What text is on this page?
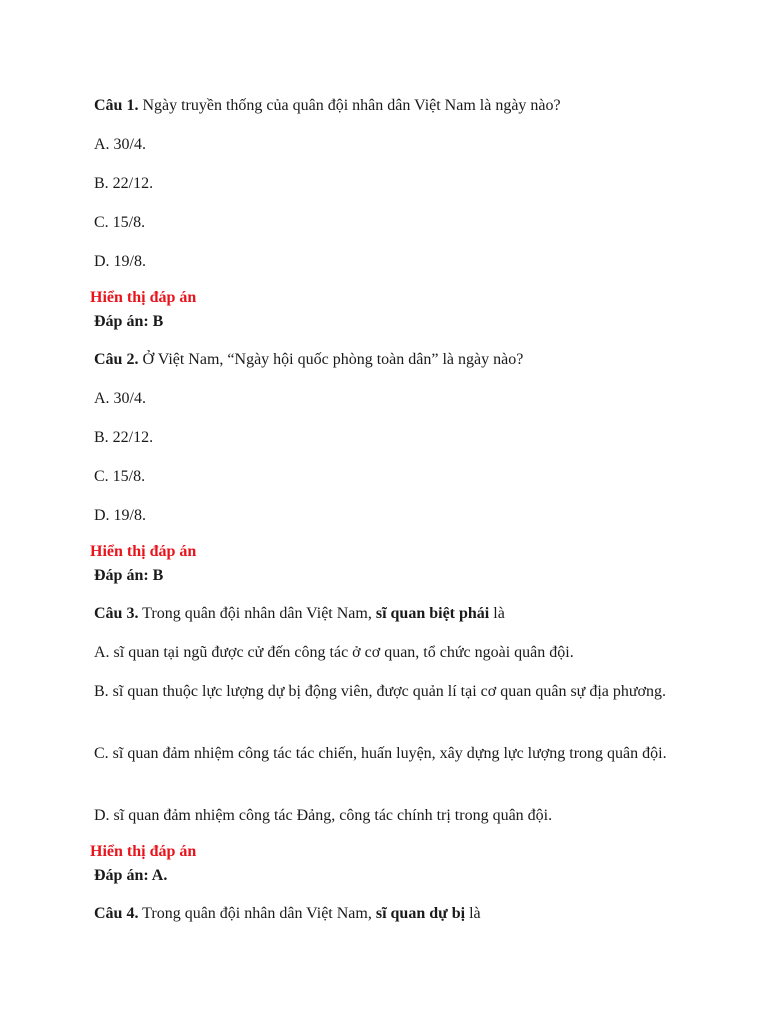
Câu 1. Ngày truyền thống của quân đội nhân dân Việt Nam là ngày nào?
A. 30/4.
B. 22/12.
C. 15/8.
D. 19/8.
Hiển thị đáp án
Đáp án: B
Câu 2. Ở Việt Nam, “Ngày hội quốc phòng toàn dân” là ngày nào?
A. 30/4.
B. 22/12.
C. 15/8.
D. 19/8.
Hiển thị đáp án
Đáp án: B
Câu 3. Trong quân đội nhân dân Việt Nam, sĩ quan biệt phái là
A. sĩ quan tại ngũ được cử đến công tác ở cơ quan, tổ chức ngoài quân đội.
B. sĩ quan thuộc lực lượng dự bị động viên, được quản lí tại cơ quan quân sự địa phương.
C. sĩ quan đảm nhiệm công tác tác chiến, huấn luyện, xây dựng lực lượng trong quân đội.
D. sĩ quan đảm nhiệm công tác Đảng, công tác chính trị trong quân đội.
Hiển thị đáp án
Đáp án: A.
Câu 4. Trong quân đội nhân dân Việt Nam, sĩ quan dự bị là
